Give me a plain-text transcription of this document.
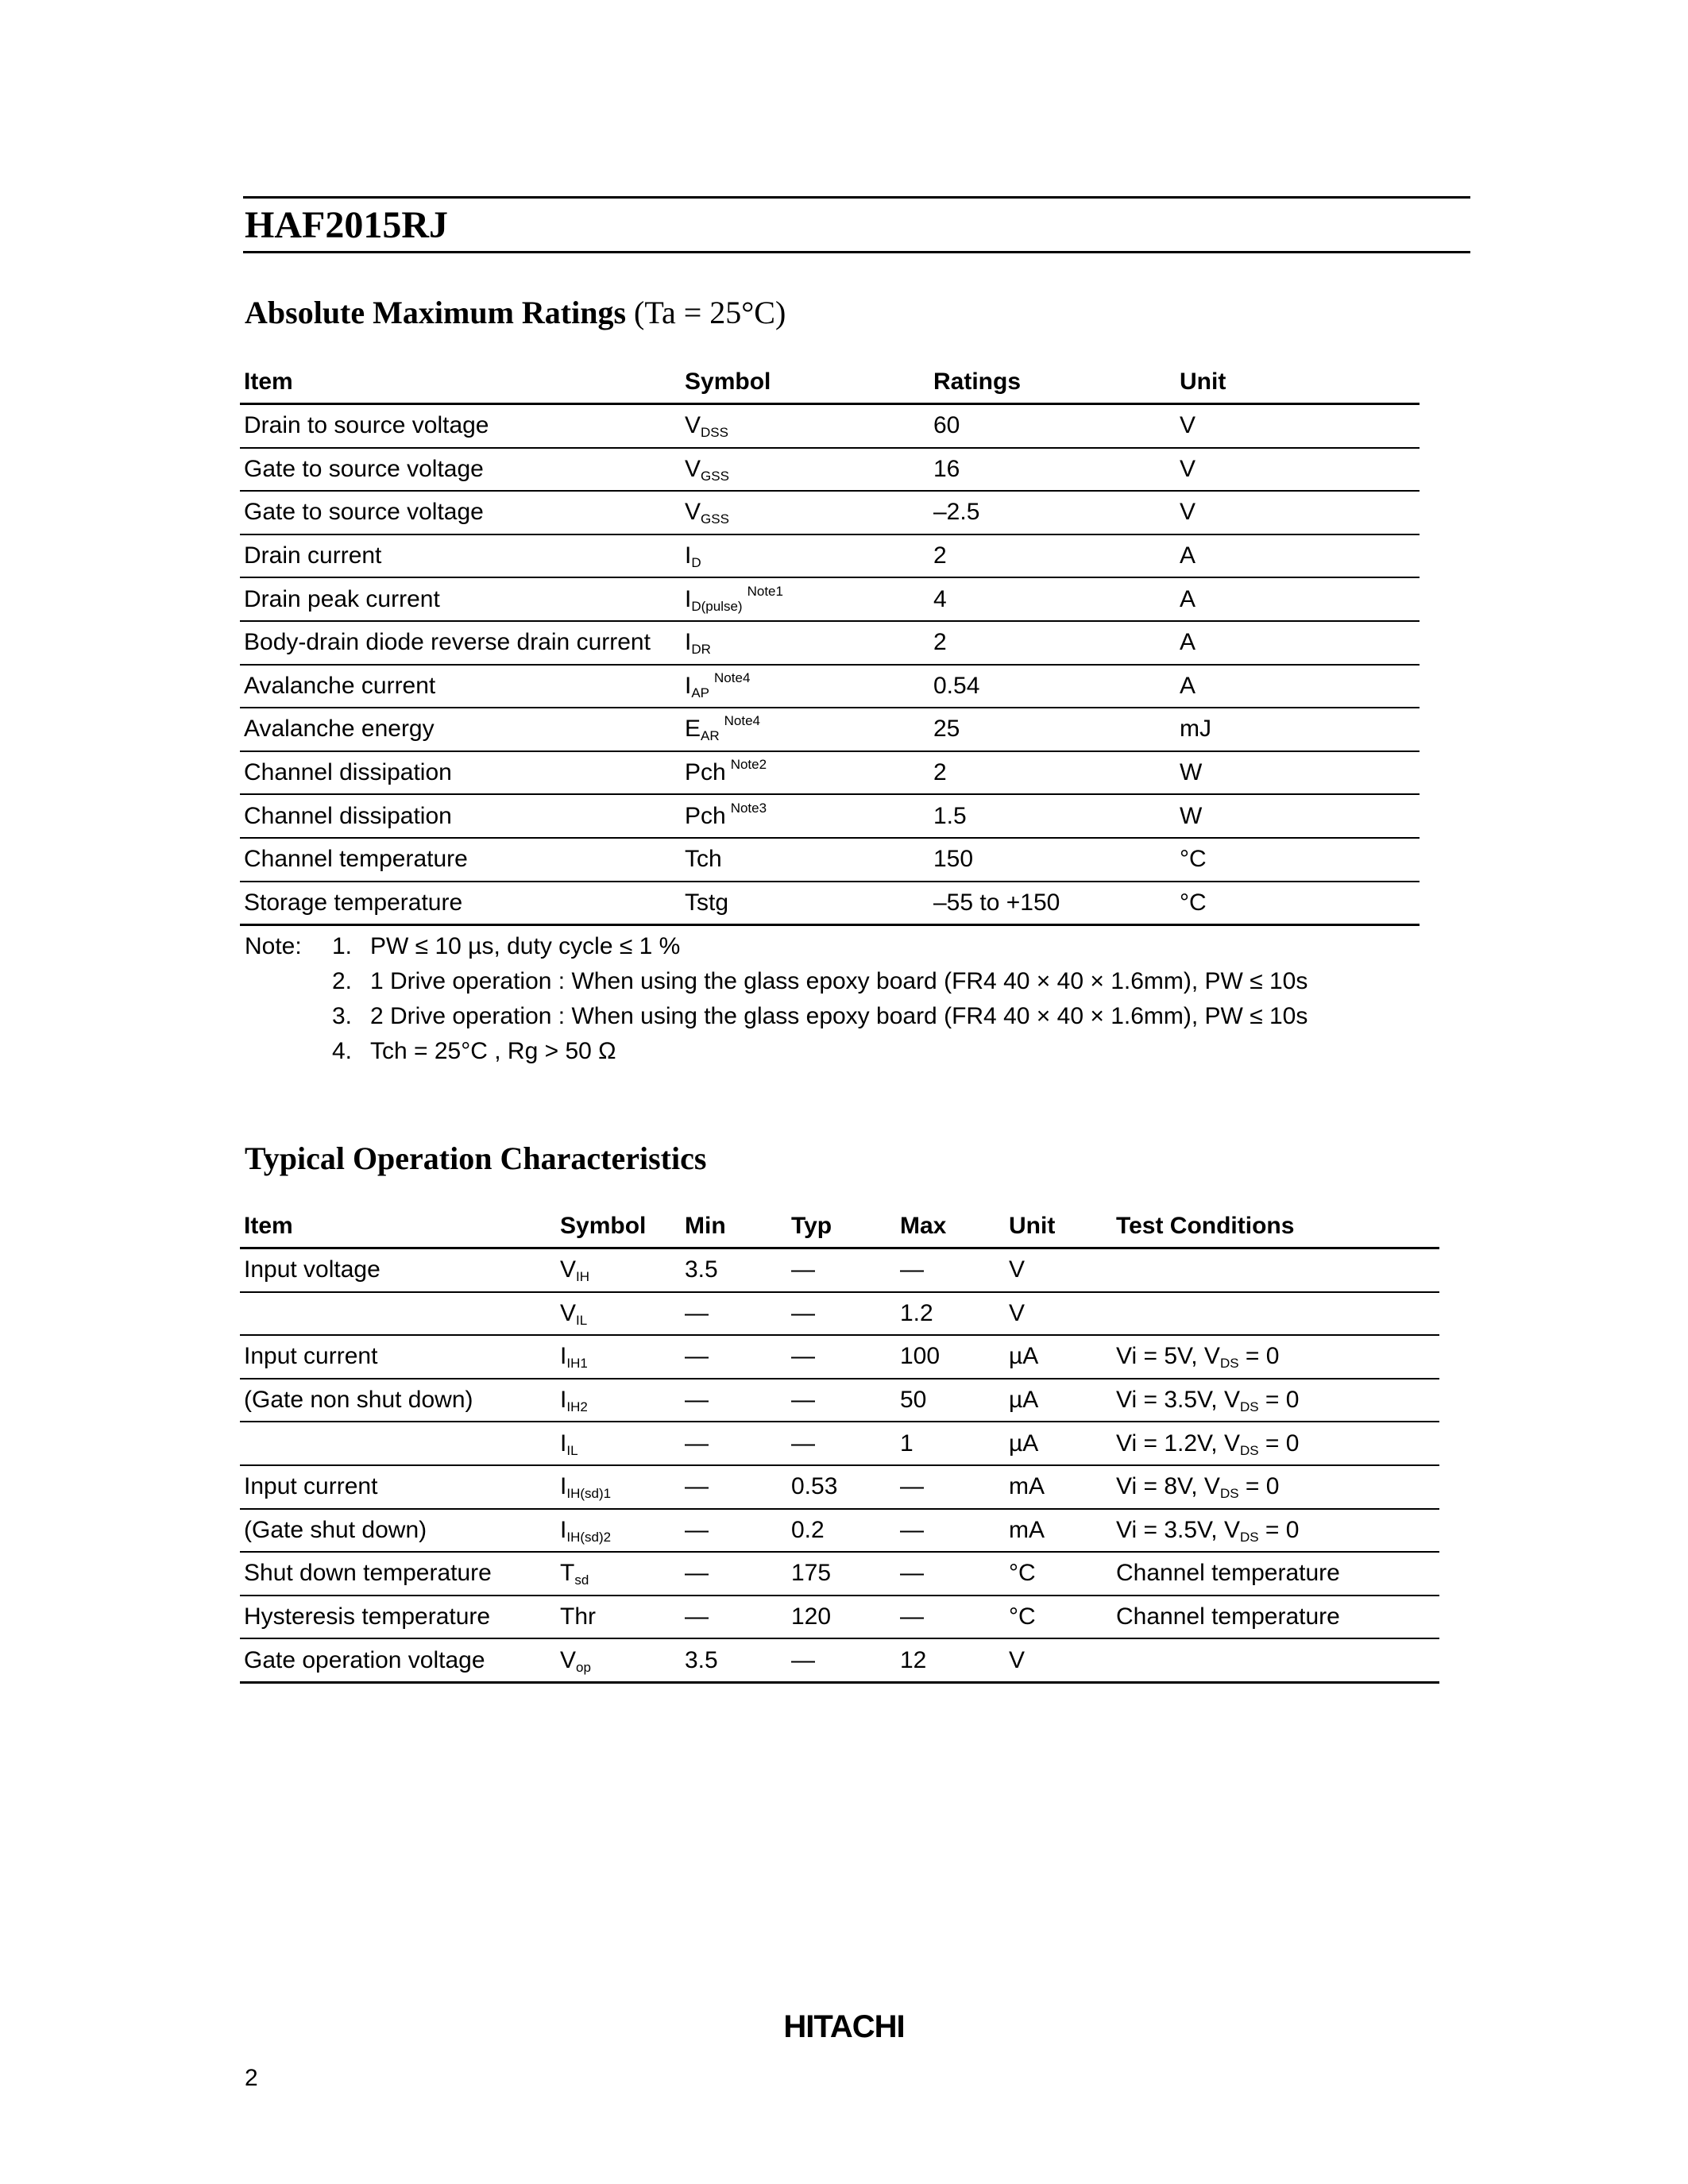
HAF2015RJ
Absolute Maximum Ratings (Ta = 25°C)
Item	Symbol	Ratings	Unit
Drain to source voltage	$V_{DSS}$	60	V
Gate to source voltage	$V_{GSS}$	16	V
Gate to source voltage	$V_{GSS}$	–2.5	V
Drain current	$I_D$	2	A
Drain peak current	$I_{D(pulse)}^{Note1}$	4	A
Body-drain diode reverse drain current	$I_{DR}$	2	A
Avalanche current	$I_{AP}^{Note4}$	0.54	A
Avalanche energy	$E_{AR}^{Note4}$	25	mJ
Channel dissipation	Pch $^{Note2}$	2	W
Channel dissipation	Pch $^{Note3}$	1.5	W
Channel temperature	Tch	150	°C
Storage temperature	Tstg	–55 to +150	°C
Note:	1. PW ≤ 10 µs, duty cycle ≤ 1 %
2. 1 Drive operation : When using the glass epoxy board (FR4 40 × 40 × 1.6mm), PW ≤ 10s
3. 2 Drive operation : When using the glass epoxy board (FR4 40 × 40 × 1.6mm), PW ≤ 10s
4. Tch = 25°C , Rg > 50 Ω
Typical Operation Characteristics
Item	Symbol	Min	Typ	Max	Unit	Test Conditions
Input voltage	$V_{IH}$	3.5	—	—	V	
	$V_{IL}$	—	—	1.2	V	
Input current	$I_{IH1}$	—	—	100	µA	Vi = 5V, $V_{DS} = 0$
(Gate non shut down)	$I_{IH2}$	—	—	50	µA	Vi = 3.5V, $V_{DS} = 0$
	$I_{IL}$	—	—	1	µA	Vi = 1.2V, $V_{DS} = 0$
Input current	$I_{IH(sd)1}$	—	0.53	—	mA	Vi = 8V, $V_{DS} = 0$
(Gate shut down)	$I_{IH(sd)2}$	—	0.2	—	mA	Vi = 3.5V, $V_{DS} = 0$
Shut down temperature	$T_{sd}$	—	175	—	°C	Channel temperature
Hysteresis temperature	Thr	—	120	—	°C	Channel temperature
Gate operation voltage	$V_{op}$	3.5	—	12	V	
HITACHI
2
